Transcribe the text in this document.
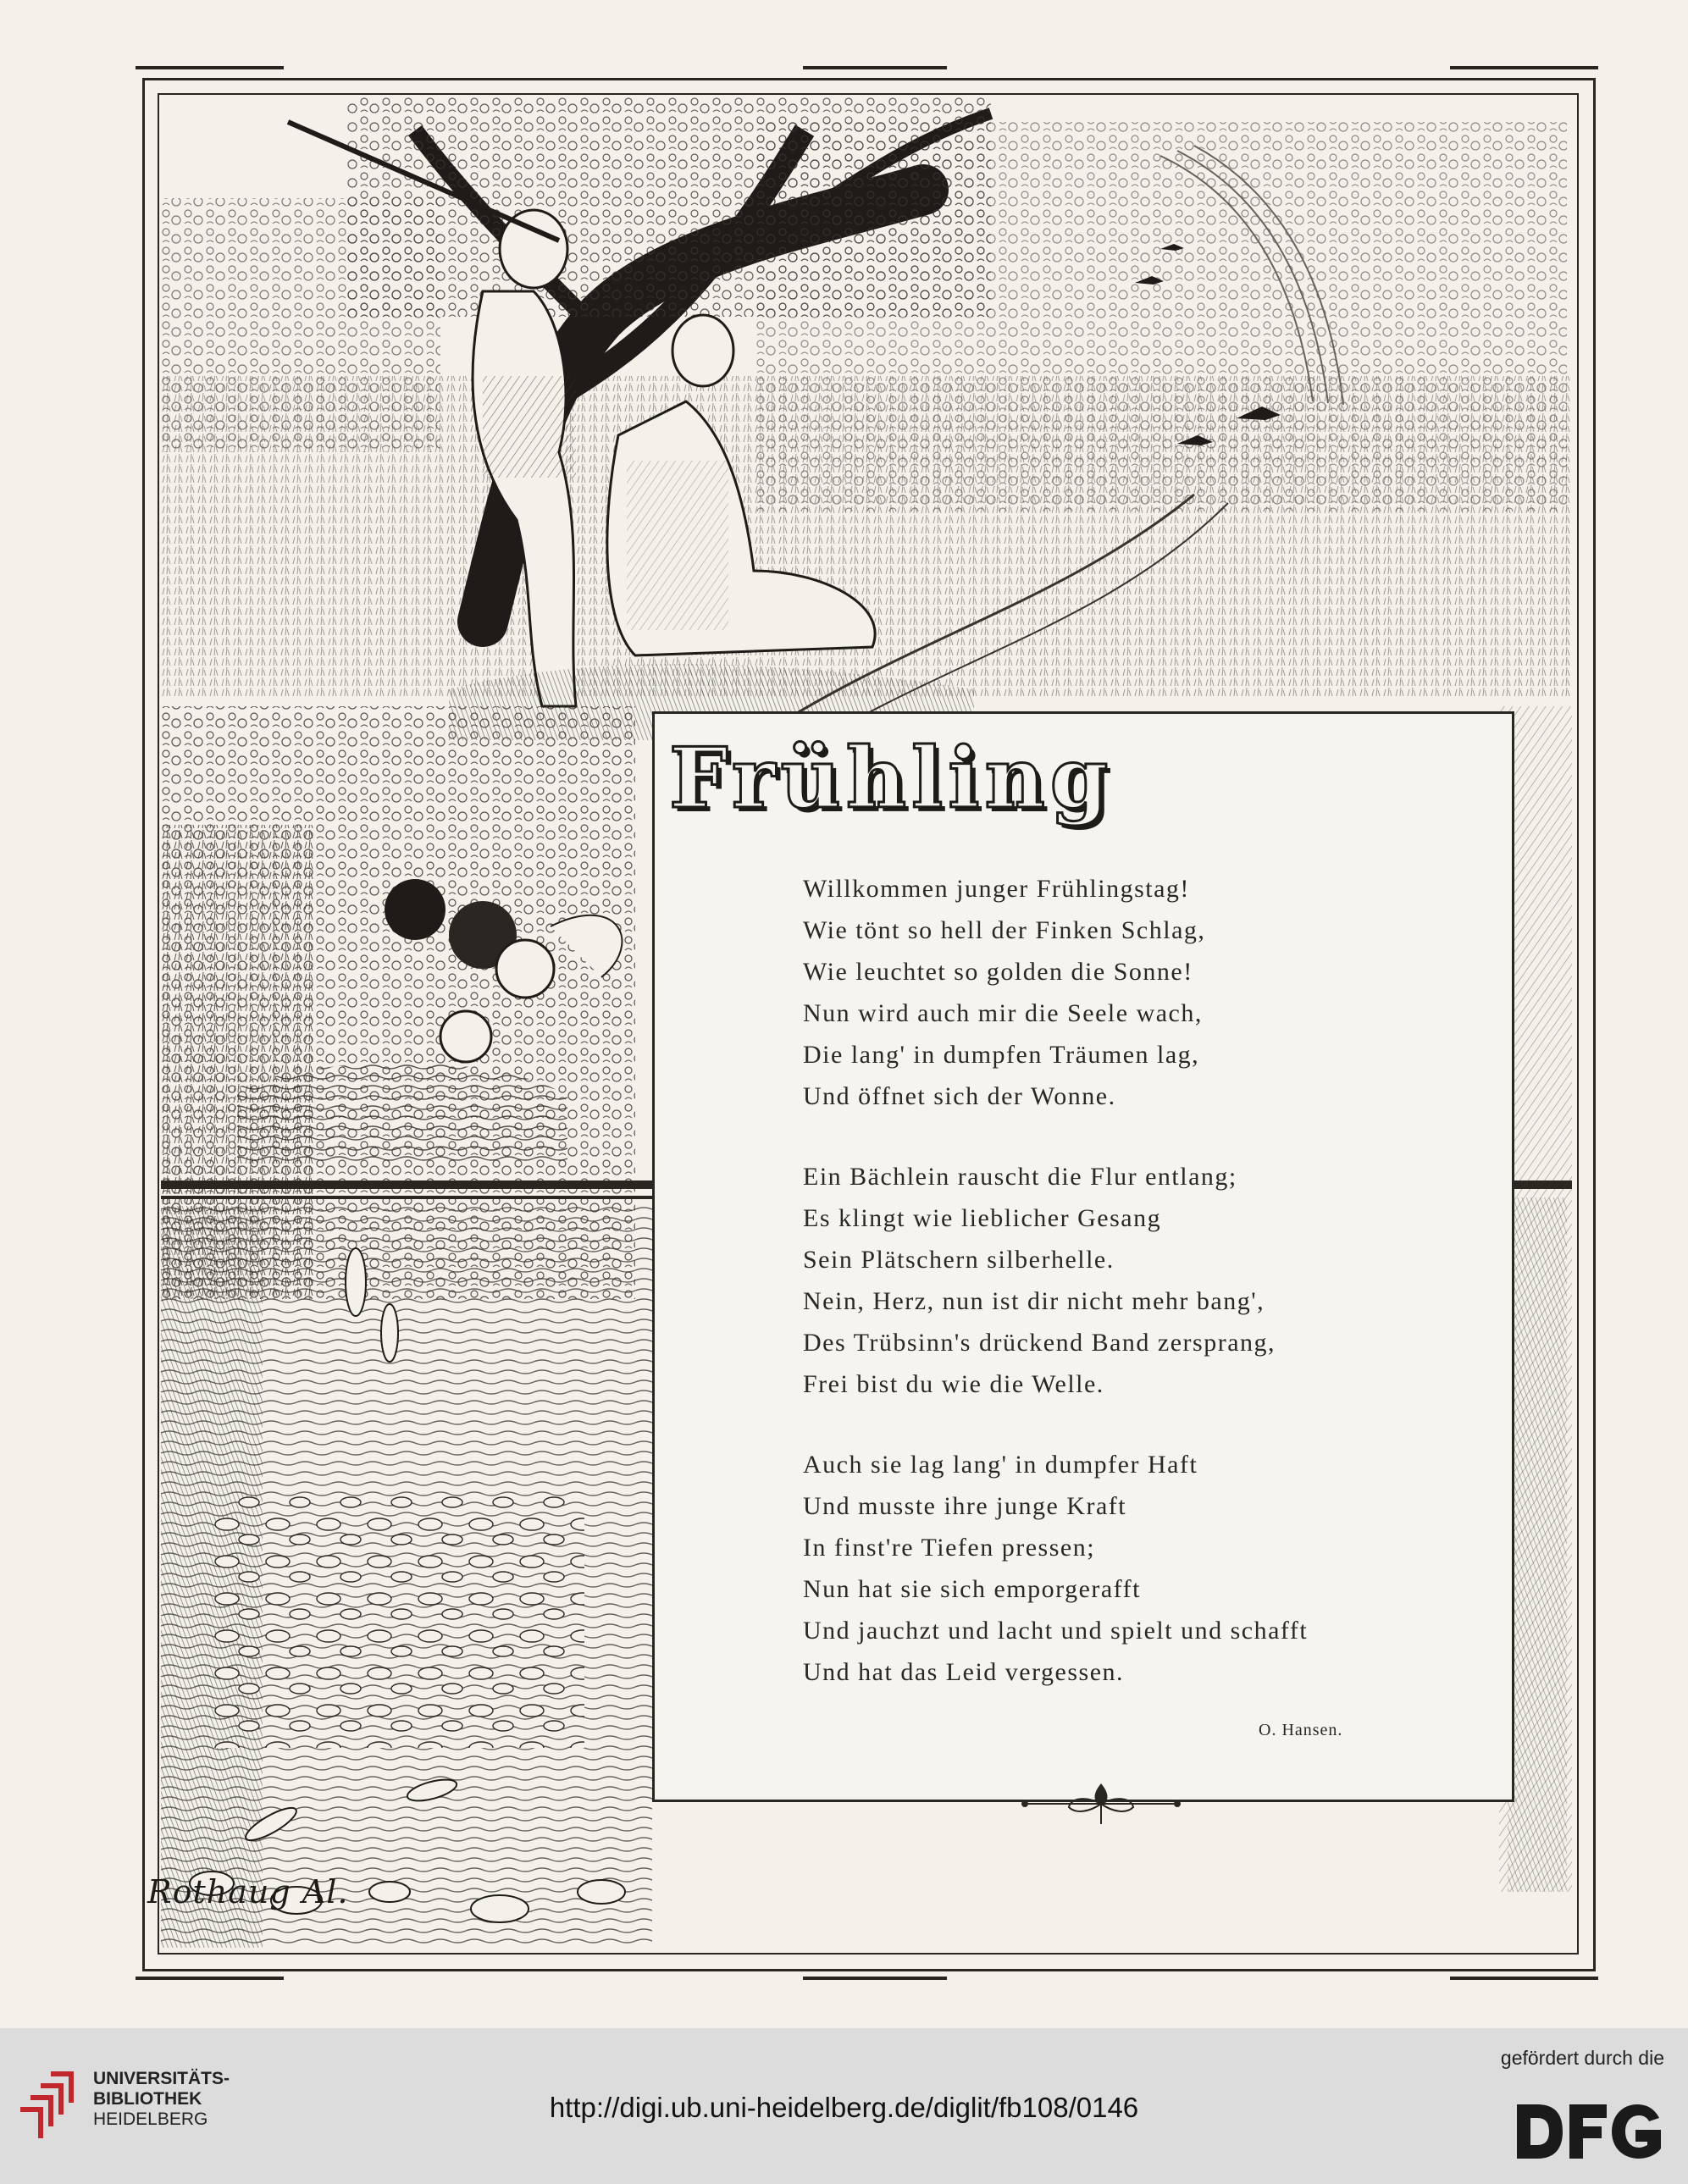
Frühling
Willkommen junger Frühlingstag!
Wie tönt so hell der Finken Schlag,
Wie leuchtet so golden die Sonne!
Nun wird auch mir die Seele wach,
Die lang' in dumpfen Träumen lag,
Und öffnet sich der Wonne.
Ein Bächlein rauscht die Flur entlang;
Es klingt wie lieblicher Gesang
Sein Plätschern silberhelle.
Nein, Herz, nun ist dir nicht mehr bang',
Des Trübsinn's drückend Band zersprang,
Frei bist du wie die Welle.
Auch sie lag lang' in dumpfer Haft
Und musste ihre junge Kraft
In finst're Tiefen pressen;
Nun hat sie sich emporgerafft
Und jauchzt und lacht und spielt und schafft
Und hat das Leid vergessen.
O. Hansen.
Rothaug Al.
UNIVERSITÄTS-
BIBLIOTHEK
HEIDELBERG	http://digi.ub.uni-heidelberg.de/diglit/fb108/0146
gefördert durch die
